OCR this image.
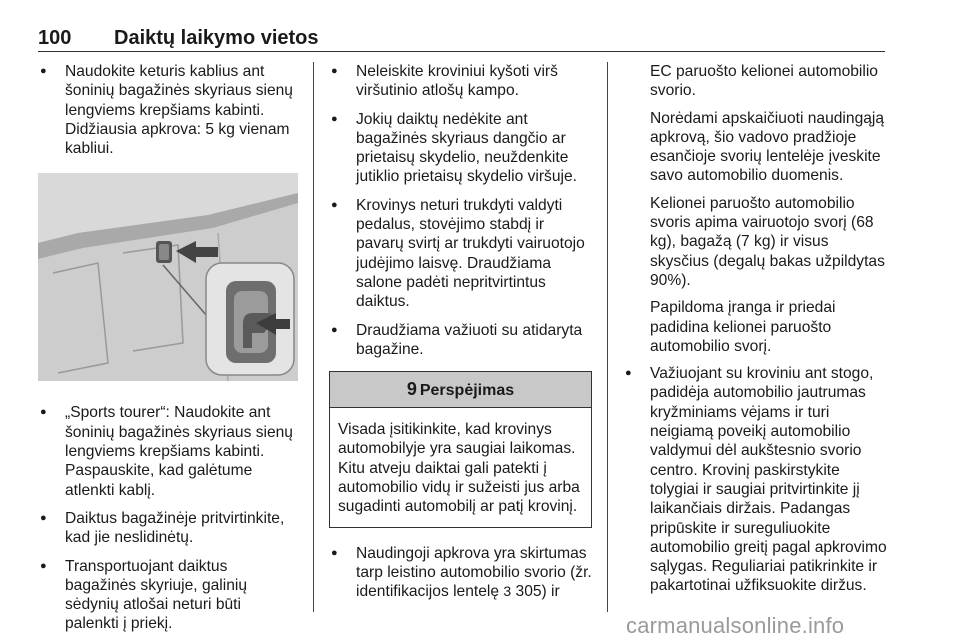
100 Daiktų laikymo vietos
● Naudokite keturis kablius ant šoninių bagažinės skyriaus sienų lengviems krepšiams kabinti. Didžiausia apkrova: 5 kg vienam kabliui.
● „Sports tourer“: Naudokite ant šoninių bagažinės skyriaus sienų lengviems krepšiams kabinti. Paspauskite, kad galėtume atlenkti kablį.
● Daiktus bagažinėje pritvirtinkite, kad jie neslidinėtų.
● Transportuojant daiktus bagažinės skyriuje, galinių sėdynių atlošai neturi būti palenkti į priekį.
● Neleiskite kroviniui kyšoti virš viršutinio atlošų kampo.
● Jokių daiktų nedėkite ant bagažinės skyriaus dangčio ar prietaisų skydelio, neuždenkite jutiklio prietaisų skydelio viršuje.
● Krovinys neturi trukdyti valdyti pedalus, stovėjimo stabdį ir pavarų svirtį ar trukdyti vairuotojo judėjimo laisvę. Draudžiama salone padėti nepritvirtintus daiktus.
● Draudžiama važiuoti su atidaryta bagažine.
9 Perspėjimas
Visada įsitikinkite, kad krovinys automobilyje yra saugiai laikomas. Kitu atveju daiktai gali patekti į automobilio vidų ir sužeisti jus arba sugadinti automobilį ar patį krovinį.
● Naudingoji apkrova yra skirtumas tarp leistino automobilio svorio (žr. identifikacijos lentelę 3 305) ir
EC paruošto kelionei automobilio svorio.
Norėdami apskaičiuoti naudingąją apkrovą, šio vadovo pradžioje esančioje svorių lentelėje įveskite savo automobilio duomenis.
Kelionei paruošto automobilio svoris apima vairuotojo svorį (68 kg), bagažą (7 kg) ir visus skysčius (degalų bakas užpildytas 90%).
Papildoma įranga ir priedai padidina kelionei paruošto automobilio svorį.
● Važiuojant su kroviniu ant stogo, padidėja automobilio jautrumas kryžminiams vėjams ir turi neigiamą poveikį automobilio valdymui dėl aukštesnio svorio centro. Krovinį paskirstykite tolygiai ir saugiai pritvirtinkite jį laikančiais diržais. Padangas pripūskite ir sureguliuokite automobilio greitį pagal apkrovimo sąlygas. Reguliariai patikrinkite ir pakartotinai užfiksuokite diržus.
carmanualsonline.info
